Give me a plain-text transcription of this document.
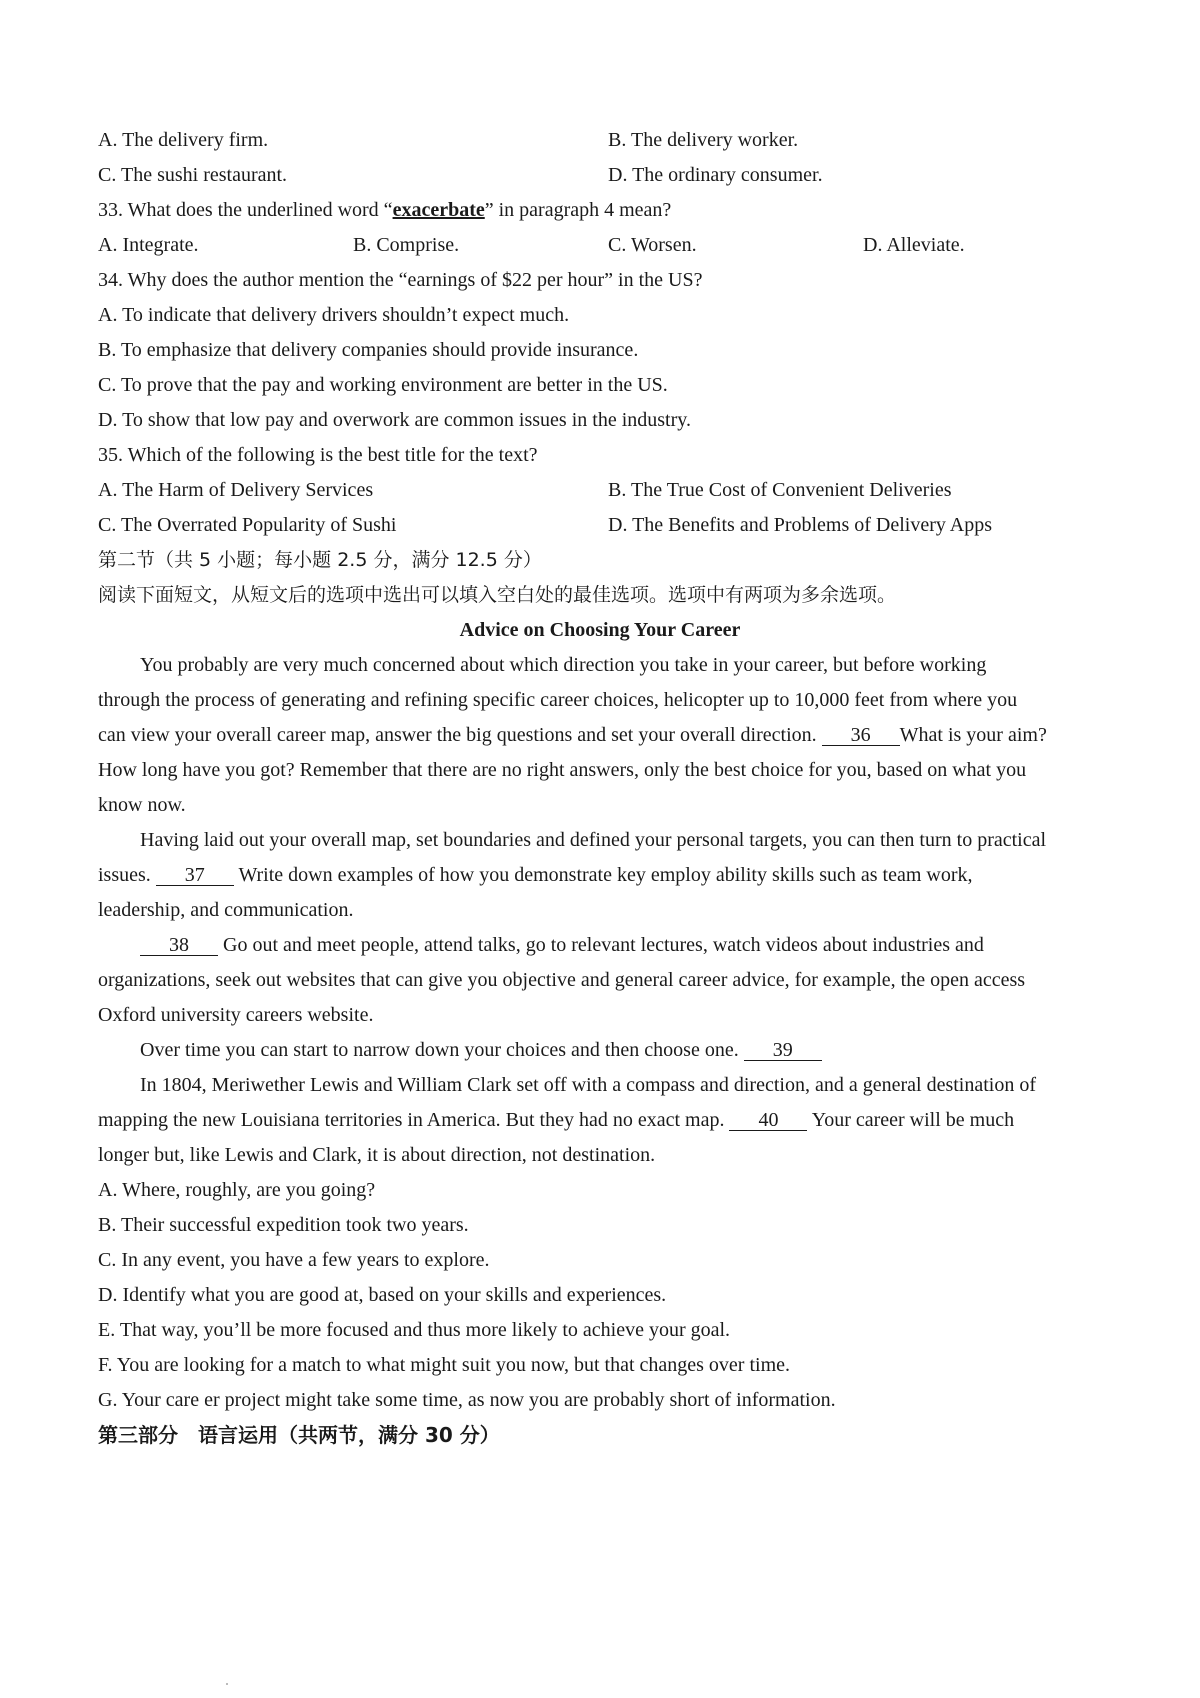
A. The delivery firm.	B. The delivery worker.
C. The sushi restaurant.	D. The ordinary consumer.
33. What does the underlined word “exacerbate” in paragraph 4 mean?
A. Integrate.	B. Comprise.	C. Worsen.	D. Alleviate.
34. Why does the author mention the “earnings of $22 per hour” in the US?
A. To indicate that delivery drivers shouldn’t expect much.
B. To emphasize that delivery companies should provide insurance.
C. To prove that the pay and working environment are better in the US.
D. To show that low pay and overwork are common issues in the industry.
35. Which of the following is the best title for the text?
A. The Harm of Delivery Services	B. The True Cost of Convenient Deliveries
C. The Overrated Popularity of Sushi	D. The Benefits and Problems of Delivery Apps
第二节（共 5 小题；每小题 2.5 分，满分 12.5 分）
阅读下面短文，从短文后的选项中选出可以填入空白处的最佳选项。选项中有两项为多余选项。
Advice on Choosing Your Career
You probably are very much concerned about which direction you take in your career, but before working
through the process of generating and refining specific career choices, helicopter up to 10,000 feet from where you
can view your overall career map, answer the big questions and set your overall direction. 36 What is your aim?
How long have you got? Remember that there are no right answers, only the best choice for you, based on what you
know now.
Having laid out your overall map, set boundaries and defined your personal targets, you can then turn to practical
issues. 37 Write down examples of how you demonstrate key employ ability skills such as team work,
leadership, and communication.
38 Go out and meet people, attend talks, go to relevant lectures, watch videos about industries and
organizations, seek out websites that can give you objective and general career advice, for example, the open access
Oxford university careers website.
Over time you can start to narrow down your choices and then choose one. 39
In 1804, Meriwether Lewis and William Clark set off with a compass and direction, and a general destination of
mapping the new Louisiana territories in America. But they had no exact map. 40 Your career will be much
longer but, like Lewis and Clark, it is about direction, not destination.
A. Where, roughly, are you going?
B. Their successful expedition took two years.
C. In any event, you have a few years to explore.
D. Identify what you are good at, based on your skills and experiences.
E. That way, you’ll be more focused and thus more likely to achieve your goal.
F. You are looking for a match to what might suit you now, but that changes over time.
G. Your care er project might take some time, as now you are probably short of information.
第三部分　语言运用（共两节，满分 30 分）
